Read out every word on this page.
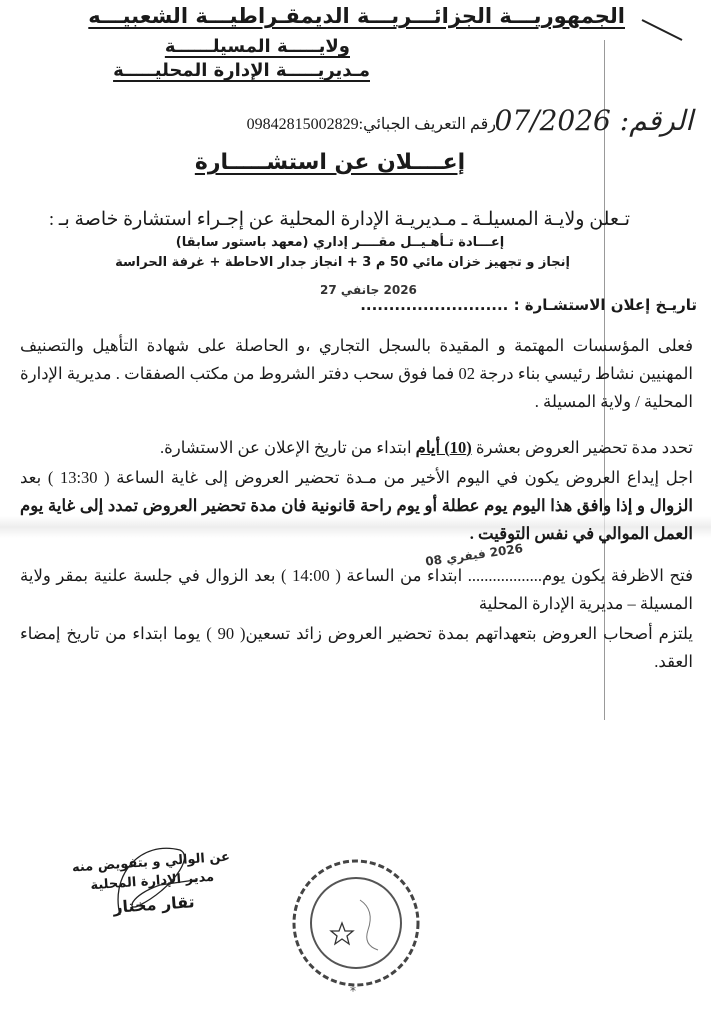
الجمهوريـــة الجزائـــريـــة الديمقـراطيـــة الشعبيـــه
ولايـــــة المسيلــــــة
مـديريـــــة الإدارة المحليـــــة
رقم التعريف الجبائي:09842815002829	الرقم: 07/2026
إعــــلان عن استشـــــارة
تـعلن ولايـة المسيلـة ـ مـديريـة الإدارة المحلية عن إجـراء استشارة خاصة بـ :
إعـــادة تـأهـيــل مقــــر إداري (معهد باستور سابقا)
إنجاز و تجهيز خزان مائي 50 م 3 + انجاز جدار الاحاطة + غرفة الحراسة
2026 جانفي 27
تاريـخ إعلان الاستشـارة : ..........................
فعلى المؤسسات المهتمة و المقيدة بالسجل التجاري ،و الحاصلة على شهادة التأهيل والتصنيف المهنيين نشاط رئيسي بناء درجة 02 فما فوق سحب دفتر الشروط من مكتب الصفقات . مديرية الإدارة المحلية / ولاية المسيلة .
تحدد مدة تحضير العروض بعشرة (10) أيام ابتداء من تاريخ الإعلان عن الاستشارة.
اجل إيداع العروض يكون في اليوم الأخير من مـدة تحضير العروض إلى غاية الساعة ( 13:30 ) بعد الزوال و إذا وافق هذا اليوم يوم عطلة أو يوم راحة قانونية فان مدة تحضير العروض تمدد إلى غاية يوم العمل الموالي في نفس التوقيت .
2026 فيفري 08
فتح الاظرفة يكون يوم.................. ابتداء من الساعة ( 14:00 ) بعد الزوال في جلسة علنية بمقر ولاية المسيلة – مديرية الإدارة المحلية
يلتزم أصحاب العروض بتعهداتهم بمدة تحضير العروض زائد تسعين( 90 ) يوما ابتداء من تاريخ إمضاء العقد.
عن الوالي و بتفويض منه
مدير الإدارة المحلية
تقار مختار
*
